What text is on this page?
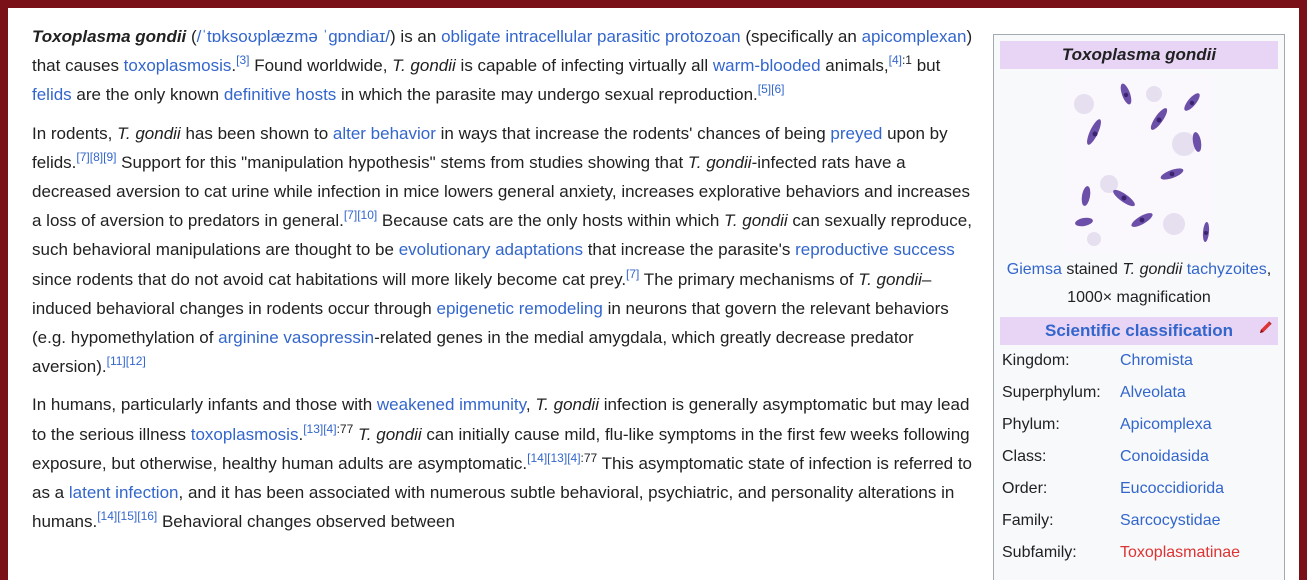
Toxoplasma gondii (/ˈtɒksoʊplæzmə ˈɡɒndiaɪ/) is an obligate intracellular parasitic protozoan (specifically an apicomplexan) that causes toxoplasmosis.[3] Found worldwide, T. gondii is capable of infecting virtually all warm-blooded animals,$^{[4]:1}$ but felids are the only known definitive hosts in which the parasite may undergo sexual reproduction.[5][6]

In rodents, T. gondii has been shown to alter behavior in ways that increase the rodents' chances of being preyed upon by felids.[7][8][9] Support for this "manipulation hypothesis" stems from studies showing that T. gondii-infected rats have a decreased aversion to cat urine while infection in mice lowers general anxiety, increases explorative behaviors and increases a loss of aversion to predators in general.[7][10] Because cats are the only hosts within which T. gondii can sexually reproduce, such behavioral manipulations are thought to be evolutionary adaptations that increase the parasite's reproductive success since rodents that do not avoid cat habitations will more likely become cat prey.[7] The primary mechanisms of T. gondii–induced behavioral changes in rodents occur through epigenetic remodeling in neurons that govern the relevant behaviors (e.g. hypomethylation of arginine vasopressin-related genes in the medial amygdala, which greatly decrease predator aversion).[11][12]

In humans, particularly infants and those with weakened immunity, T. gondii infection is generally asymptomatic but may lead to the serious illness toxoplasmosis.$^{[13][4]:77}$ T. gondii can initially cause mild, flu-like symptoms in the first few weeks following exposure, but otherwise, healthy human adults are asymptomatic.$^{[14][13][4]:77}$ This asymptomatic state of infection is referred to as a latent infection, and it has been associated with numerous subtle behavioral, psychiatric, and personality alterations in humans.[14][15][16] Behavioral changes observed between

Toxoplasma gondii
Giemsa stained T. gondii tachyzoites,
1000× magnification
Scientific classification
Kingdom:	Chromista
Superphylum:	Alveolata
Phylum:	Apicomplexa
Class:	Conoidasida
Order:	Eucoccidiorida
Family:	Sarcocystidae
Subfamily:	Toxoplasmatinae
